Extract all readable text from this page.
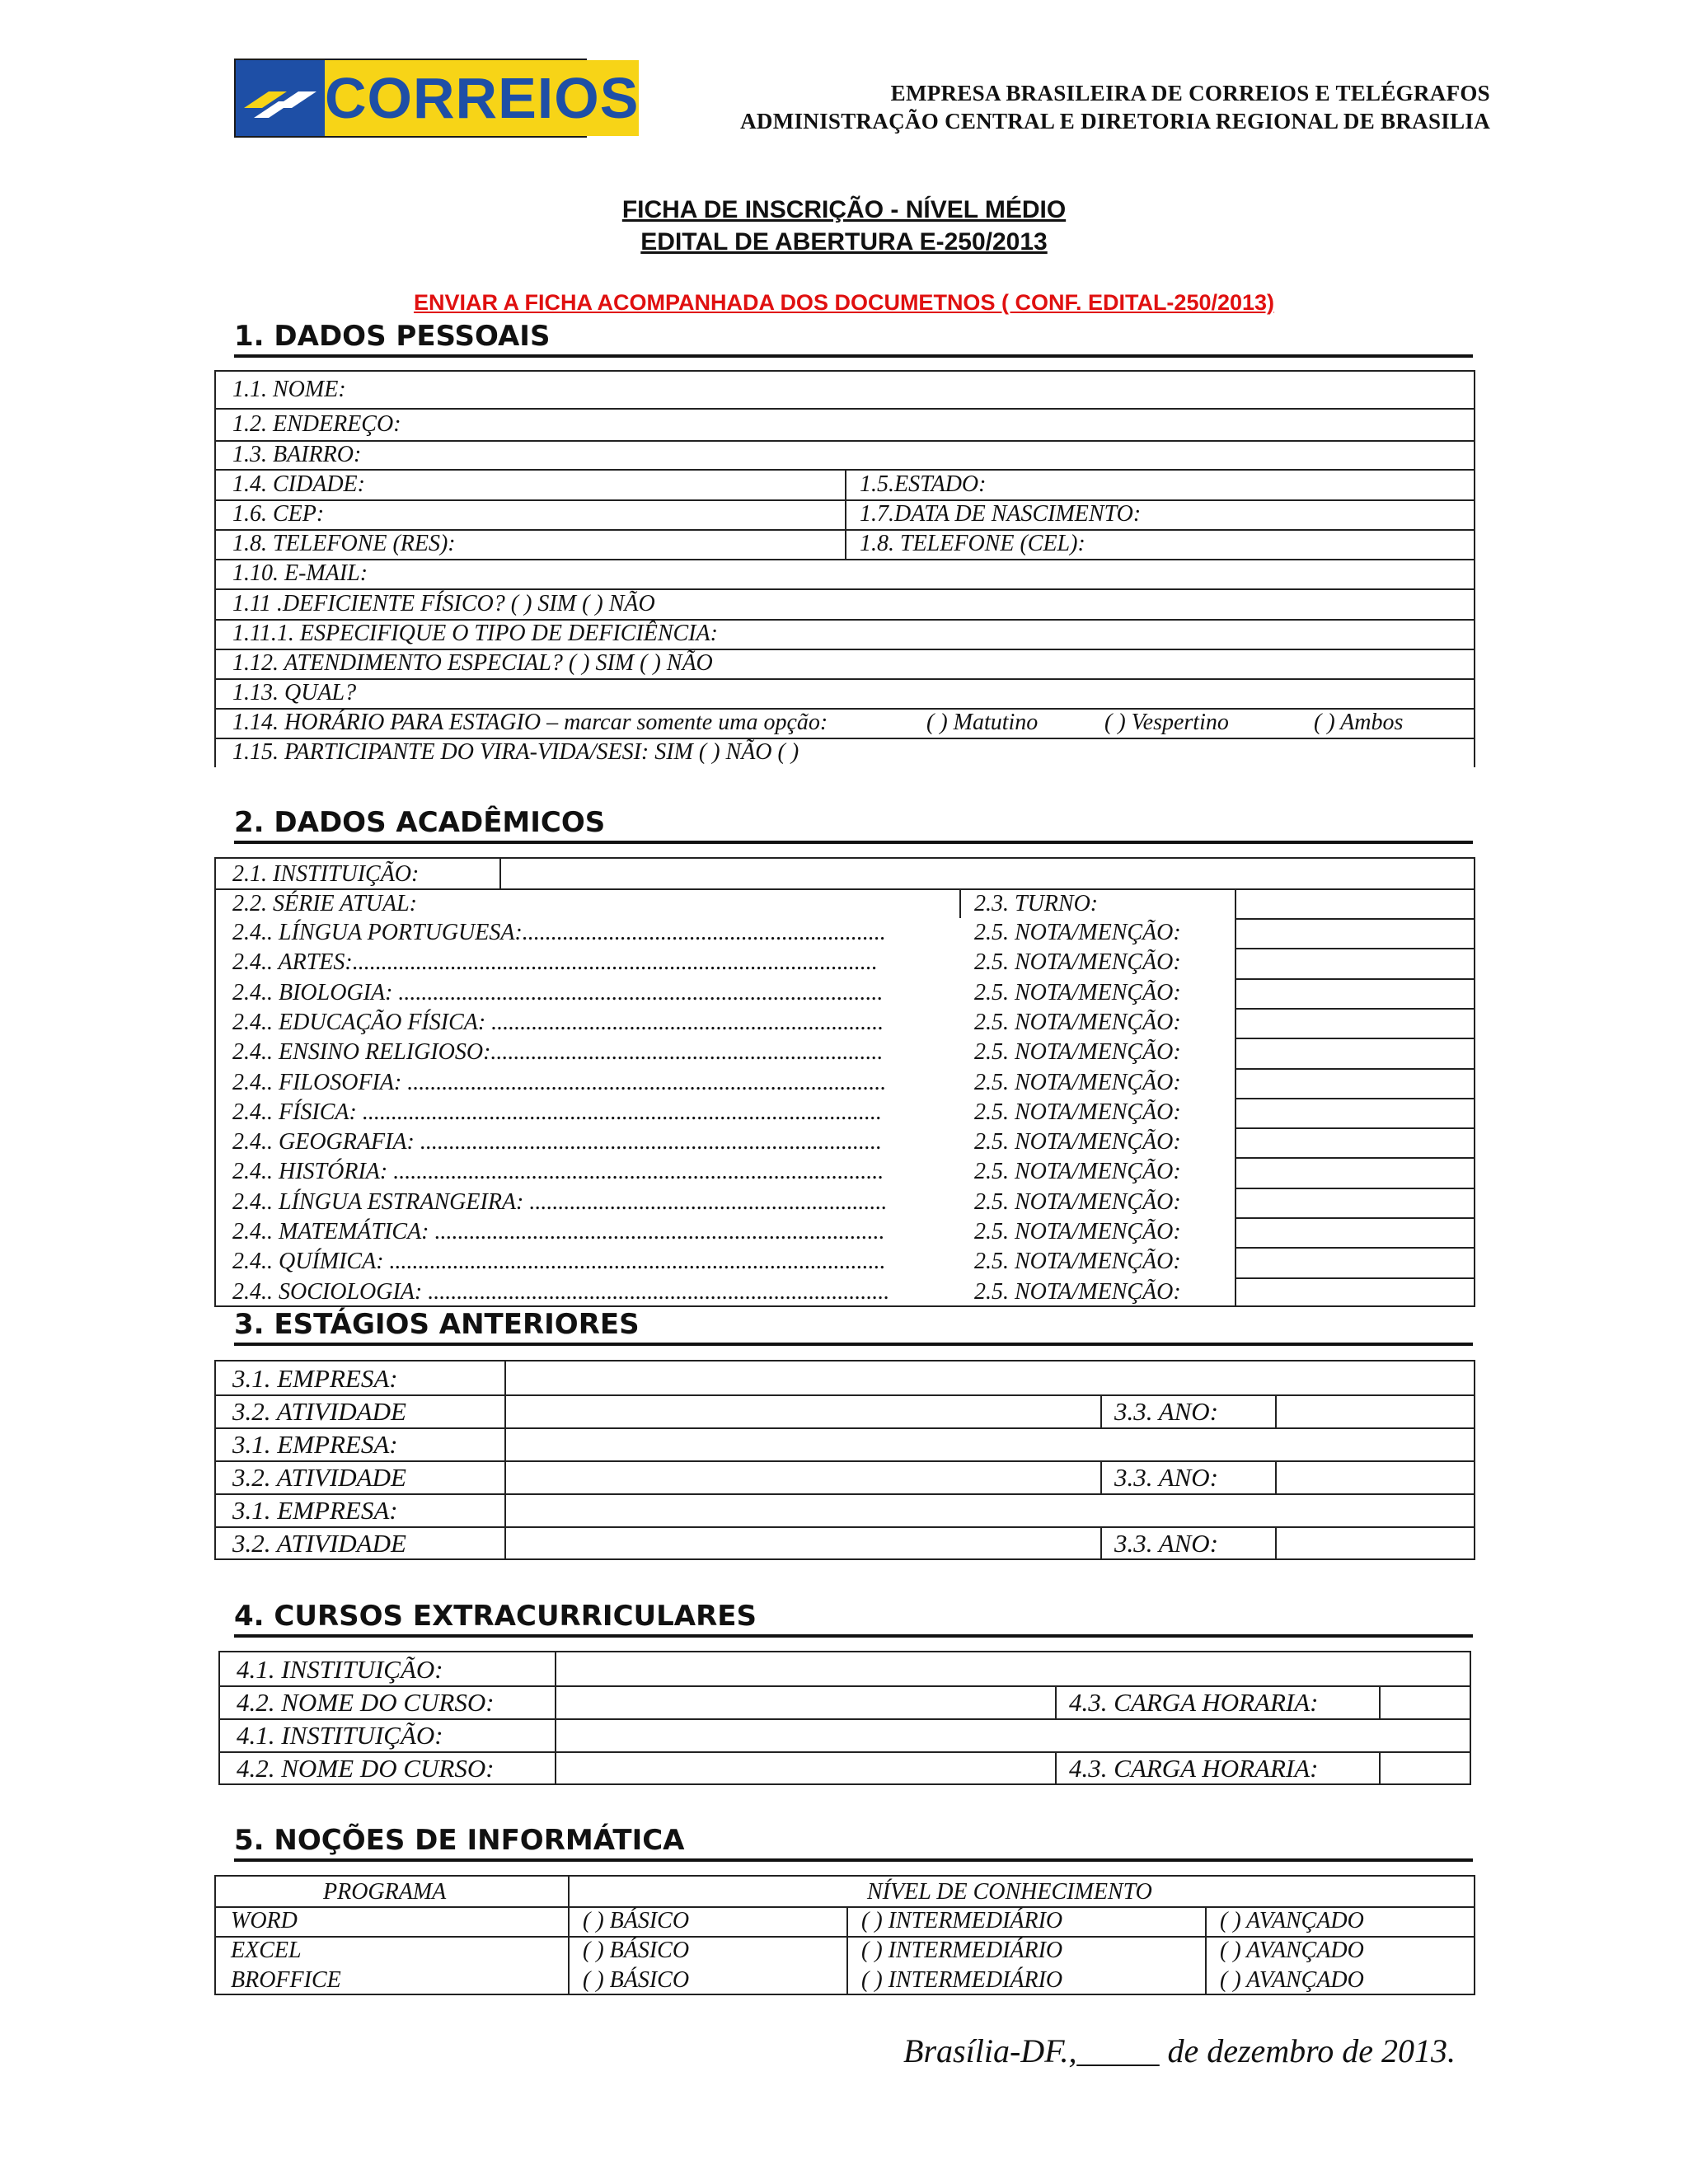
CORREIOS	EMPRESA BRASILEIRA DE CORREIOS E TELÉGRAFOS
ADMINISTRAÇÃO CENTRAL E DIRETORIA REGIONAL DE BRASILIA
FICHA DE INSCRIÇÃO - NÍVEL MÉDIO
EDITAL DE ABERTURA E-250/2013
ENVIAR A FICHA ACOMPANHADA DOS DOCUMETNOS ( CONF. EDITAL-250/2013)
1. DADOS PESSOAIS
1.1. NOME:
1.2. ENDEREÇO:
1.3. BAIRRO:
1.4. CIDADE:	1.5.ESTADO:
1.6. CEP:	1.7.DATA DE NASCIMENTO:
1.8. TELEFONE (RES):	1.8. TELEFONE (CEL):
1.10. E-MAIL:
1.11 .DEFICIENTE FÍSICO? ( ) SIM ( ) NÃO
1.11.1. ESPECIFIQUE O TIPO DE DEFICIÊNCIA:
1.12. ATENDIMENTO ESPECIAL? ( ) SIM ( ) NÃO
1.13. QUAL?
1.14. HORÁRIO PARA ESTAGIO – marcar somente uma opção:	( ) Matutino	( ) Vespertino	( ) Ambos
1.15. PARTICIPANTE DO VIRA-VIDA/SESI: SIM ( ) NÃO ( )
2. DADOS ACADÊMICOS
2.1. INSTITUIÇÃO:
2.2. SÉRIE ATUAL:	2.3. TURNO:
2.4.. LÍNGUA PORTUGUESA:...............................................................	2.5. NOTA/MENÇÃO:
2.4.. ARTES:...........................................................................................	2.5. NOTA/MENÇÃO:
2.4.. BIOLOGIA: ....................................................................................	2.5. NOTA/MENÇÃO:
2.4.. EDUCAÇÃO FÍSICA: ....................................................................	2.5. NOTA/MENÇÃO:
2.4.. ENSINO RELIGIOSO:....................................................................	2.5. NOTA/MENÇÃO:
2.4.. FILOSOFIA: ...................................................................................	2.5. NOTA/MENÇÃO:
2.4.. FÍSICA: ..........................................................................................	2.5. NOTA/MENÇÃO:
2.4.. GEOGRAFIA: ................................................................................	2.5. NOTA/MENÇÃO:
2.4.. HISTÓRIA: .....................................................................................	2.5. NOTA/MENÇÃO:
2.4.. LÍNGUA ESTRANGEIRA: ..............................................................	2.5. NOTA/MENÇÃO:
2.4.. MATEMÁTICA: ..............................................................................	2.5. NOTA/MENÇÃO:
2.4.. QUÍMICA: ......................................................................................	2.5. NOTA/MENÇÃO:
2.4.. SOCIOLOGIA: ................................................................................	2.5. NOTA/MENÇÃO:
3. ESTÁGIOS ANTERIORES
3.1. EMPRESA:
3.2. ATIVIDADE	3.3. ANO:
3.1. EMPRESA:
3.2. ATIVIDADE	3.3. ANO:
3.1. EMPRESA:
3.2. ATIVIDADE	3.3. ANO:
4. CURSOS EXTRACURRICULARES
4.1. INSTITUIÇÃO:
4.2. NOME DO CURSO:	4.3. CARGA HORARIA:
4.1. INSTITUIÇÃO:
4.2. NOME DO CURSO:	4.3. CARGA HORARIA:
5. NOÇÕES DE INFORMÁTICA
PROGRAMA	NÍVEL DE CONHECIMENTO
WORD	( ) BÁSICO	( ) INTERMEDIÁRIO	( ) AVANÇADO
EXCEL	( ) BÁSICO	( ) INTERMEDIÁRIO	( ) AVANÇADO
BROFFICE	( ) BÁSICO	( ) INTERMEDIÁRIO	( ) AVANÇADO
Brasília-DF.,_____ de dezembro de 2013.
